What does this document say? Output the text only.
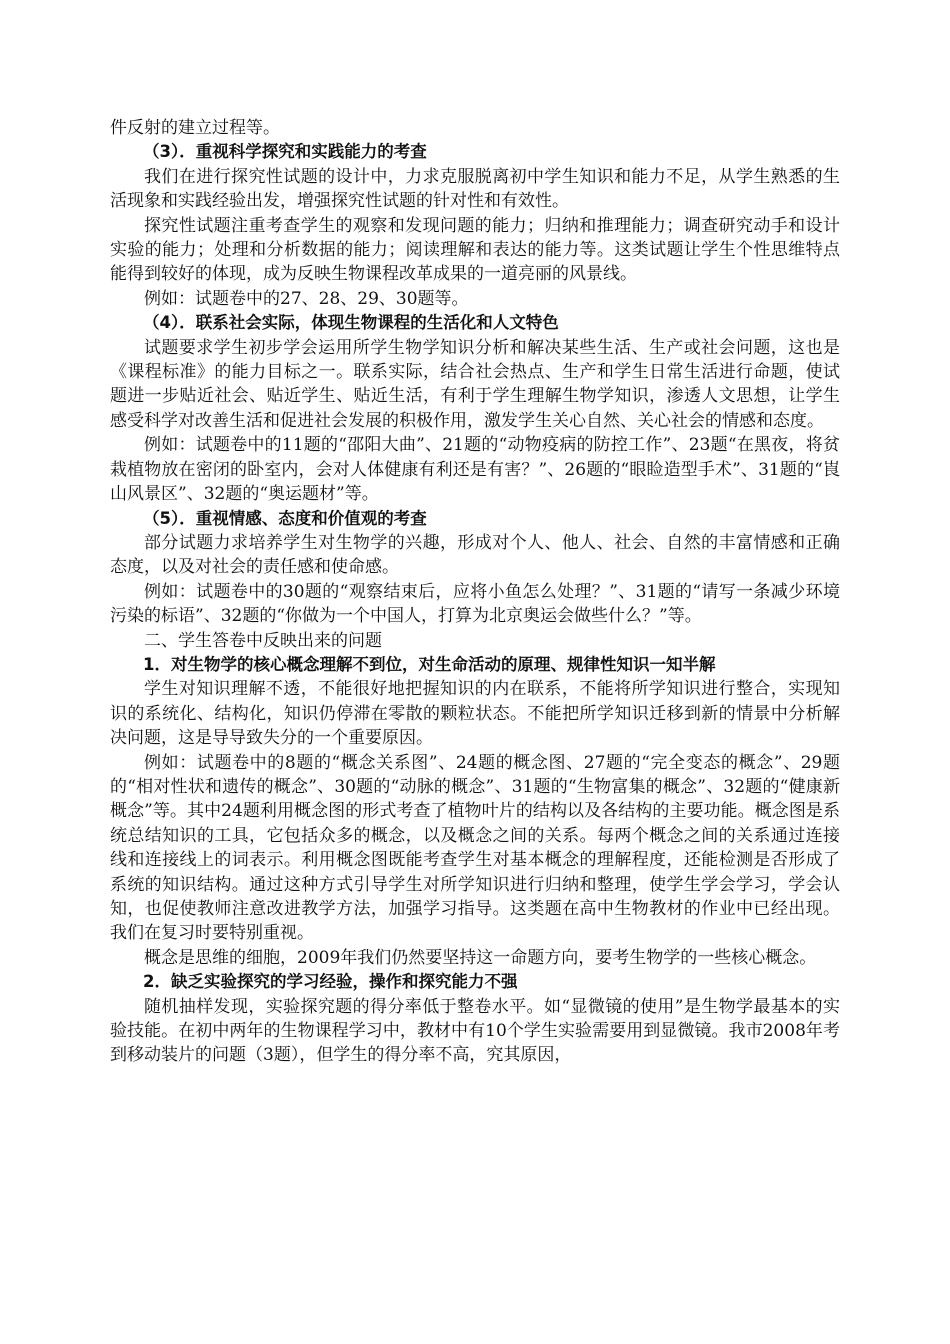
件反射的建立过程等。

（3）．重视科学探究和实践能力的考查

我们在进行探究性试题的设计中，力求克服脱离初中学生知识和能力不足，从学生熟悉的生活现象和实践经验出发，增强探究性试题的针对性和有效性。

探究性试题注重考查学生的观察和发现问题的能力；归纳和推理能力；调查研究动手和设计实验的能力；处理和分析数据的能力；阅读理解和表达的能力等。这类试题让学生个性思维特点能得到较好的体现，成为反映生物课程改革成果的一道亮丽的风景线。

例如：试题卷中的27、28、29、30题等。

（4）．联系社会实际，体现生物课程的生活化和人文特色

试题要求学生初步学会运用所学生物学知识分析和解决某些生活、生产或社会问题，这也是《课程标准》的能力目标之一。联系实际，结合社会热点、生产和学生日常生活进行命题，使试题进一步贴近社会、贴近学生、贴近生活，有利于学生理解生物学知识，渗透人文思想，让学生感受科学对改善生活和促进社会发展的积极作用，激发学生关心自然、关心社会的情感和态度。

例如：试题卷中的11题的“邵阳大曲”、21题的“动物疫病的防控工作”、23题“在黑夜，将贫栽植物放在密闭的卧室内，会对人体健康有利还是有害？”、26题的“眼睑造型手术”、31题的“崀山风景区”、32题的“奥运题材”等。

（5）．重视情感、态度和价值观的考查

部分试题力求培养学生对生物学的兴趣，形成对个人、他人、社会、自然的丰富情感和正确态度，以及对社会的责任感和使命感。

例如：试题卷中的30题的“观察结束后，应将小鱼怎么处理？”、31题的“请写一条减少环境污染的标语”、32题的“你做为一个中国人，打算为北京奥运会做些什么？”等。

二、学生答卷中反映出来的问题

1．对生物学的核心概念理解不到位，对生命活动的原理、规律性知识一知半解

学生对知识理解不透，不能很好地把握知识的内在联系，不能将所学知识进行整合，实现知识的系统化、结构化，知识仍停滞在零散的颗粒状态。不能把所学知识迁移到新的情景中分析解决问题，这是导导致失分的一个重要原因。

例如：试题卷中的8题的“概念关系图”、24题的概念图、27题的“完全变态的概念”、29题的“相对性状和遗传的概念”、30题的“动脉的概念”、31题的“生物富集的概念”、32题的“健康新概念”等。其中24题利用概念图的形式考查了植物叶片的结构以及各结构的主要功能。概念图是系统总结知识的工具，它包括众多的概念，以及概念之间的关系。每两个概念之间的关系通过连接线和连接线上的词表示。利用概念图既能考查学生对基本概念的理解程度，还能检测是否形成了系统的知识结构。通过这种方式引导学生对所学知识进行归纳和整理，使学生学会学习，学会认知，也促使教师注意改进教学方法，加强学习指导。这类题在高中生物教材的作业中已经出现。我们在复习时要特别重视。

概念是思维的细胞，2009年我们仍然要坚持这一命题方向，要考生物学的一些核心概念。

2．缺乏实验探究的学习经验，操作和探究能力不强

随机抽样发现，实验探究题的得分率低于整卷水平。如“显微镜的使用”是生物学最基本的实验技能。在初中两年的生物课程学习中，教材中有10个学生实验需要用到显微镜。我市2008年考到移动装片的问题（3题），但学生的得分率不高，究其原因，
